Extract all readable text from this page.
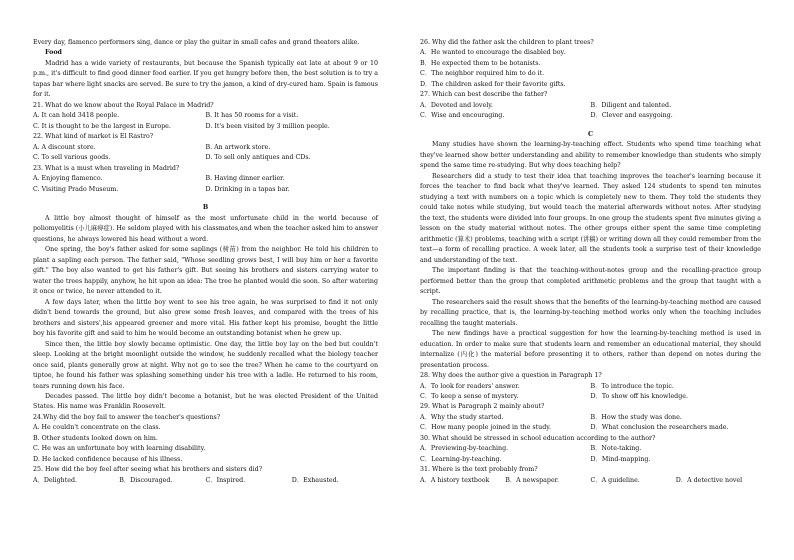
Every day, flamenco performers sing, dance or play the guitar in small cafes and grand theaters alike.

Food

Madrid has a wide variety of restaurants, but because the Spanish typically eat late at about 9 or 10 p.m., it's difficult to find good dinner food earlier. If you get hungry before then, the best solution is to try a tapas bar where light snacks are served. Be sure to try the jamon, a kind of dry-cured ham. Spain is famous for it.

21. What do we know about the Royal Palace in Madrid?

A. It can hold 3418 people.	B. It has 50 rooms for a visit.
C. It is thought to be the largest in Europe.	D. It's been visited by 3 million people.

22. What kind of market is El Rastro?

A. A discount store.	B. An artwork store.
C. To sell various goods.	D. To sell only antiques and CDs.

23. What is a must when traveling in Madrid?

A. Enjoying flamenco.	B. Having dinner earlier.
C. Visiting Prado Museum.	D. Drinking in a tapas bar.

B

A little boy almost thought of himself as the most unfortunate child in the world because of poliomyelitis (小儿麻痹症). He seldom played with his classmates,and when the teacher asked him to answer questions, he always lowered his head without a word.

One spring, the boy's father asked for some saplings (树苗) from the neighbor. He told his children to plant a sapling each person. The father said, "Whose seedling grows best, I will buy him or her a favorite gift." The boy also wanted to get his father's gift. But seeing his brothers and sisters carrying water to water the trees happily, anyhow, he hit upon an idea: The tree he planted would die soon. So after watering it once or twice, he never attended to it.

A few days later, when the little boy went to see his tree again, he was surprised to find it not only didn't bend towards the ground, but also grew some fresh leaves, and compared with the trees of his brothers and sisters',his appeared greener and more vital. His father kept his promise, bought the little boy his favorite gift and said to him he would become an outstanding botanist when he grew up.

Since then, the little boy slowly became optimistic. One day, the little boy lay on the bed but couldn't sleep. Looking at the bright moonlight outside the window, he suddenly recalled what the biology teacher once said, plants generally grow at night. Why not go to see the tree? When he came to the courtyard on tiptoe, he found his father was splashing something under his tree with a ladle. He returned to his room, tears running down his face.

Decades passed. The little boy didn't become a botanist, but he was elected President of the United States. His name was Franklin Roosevelt.

24.Why did the boy fail to answer the teacher's questions?

A. He couldn't concentrate on the class.

B. Other students looked down on him.

C. He was an unfortunate boy with learning disability.

D. He lacked confidence because of his illness.

25. How did the boy feel after seeing what his brothers and sisters did?

A．Delighted.	B．Discouraged.	C．Inspired.	D．Exhausted.

26. Why did the father ask the children to plant trees?

A．He wanted to encourage the disabled boy.

B．He expected them to be botanists.

C．The neighbor required him to do it.

D．The children asked for their favorite gifts.

27. Which can best describe the father?

A．Devoted and lovely.	B．Diligent and talented.
C．Wise and encouraging.	D．Clever and easygoing.

C

Many studies have shown the learning-by-teaching effect. Students who spend time teaching what they've learned show better understanding and ability to remember knowledge than students who simply spend the same time re-studying. But why does teaching help?

Researchers did a study to test their idea that teaching improves the teacher's learning because it forces the teacher to find back what they've learned. They asked 124 students to spend ten minutes studying a text with numbers on a topic which is completely new to them. They told the students they could take notes while studying, but would teach the material afterwards without notes. After studying the text, the students were divided into four groups. In one group the students spent five minutes giving a lesson on the study material without notes. The other groups either spent the same time completing arithmetic (算术) problems, teaching with a script (讲稿) or writing down all they could remember from the text—a form of recalling practice. A week later, all the students took a surprise test of their knowledge and understanding of the text.

The important finding is that the teaching-without-notes group and the recalling-practice group performed better than the group that completed arithmetic problems and the group that taught with a script.

The researchers said the result shows that the benefits of the learning-by-teaching method are caused by recalling practice, that is, the learning-by-teaching method works only when the teaching includes recalling the taught materials.

The new findings have a practical suggestion for how the learning-by-teaching method is used in education. In order to make sure that students learn and remember an educational material, they should internalize (内化) the material before presenting it to others, rather than depend on notes during the presentation process.

28. Why does the author give a question in Paragraph 1?

A．To look for readers' answer.	B．To introduce the topic.
C．To keep a sense of mystery.	D．To show off his knowledge.

29. What is Paragraph 2 mainly about?

A．Why the study started.	B．How the study was done.
C．How many people joined in the study.	D．What conclusion the researchers made.

30. What should be stressed in school education according to the author?

A．Previewing-by-teaching.	B．Note-taking.
C．Learning-by-teaching.	D．Mind-mapping.

31. Where is the text probably from?

A．A history textbook	B．A newspaper.	C．A guideline.	D．A detective novel
